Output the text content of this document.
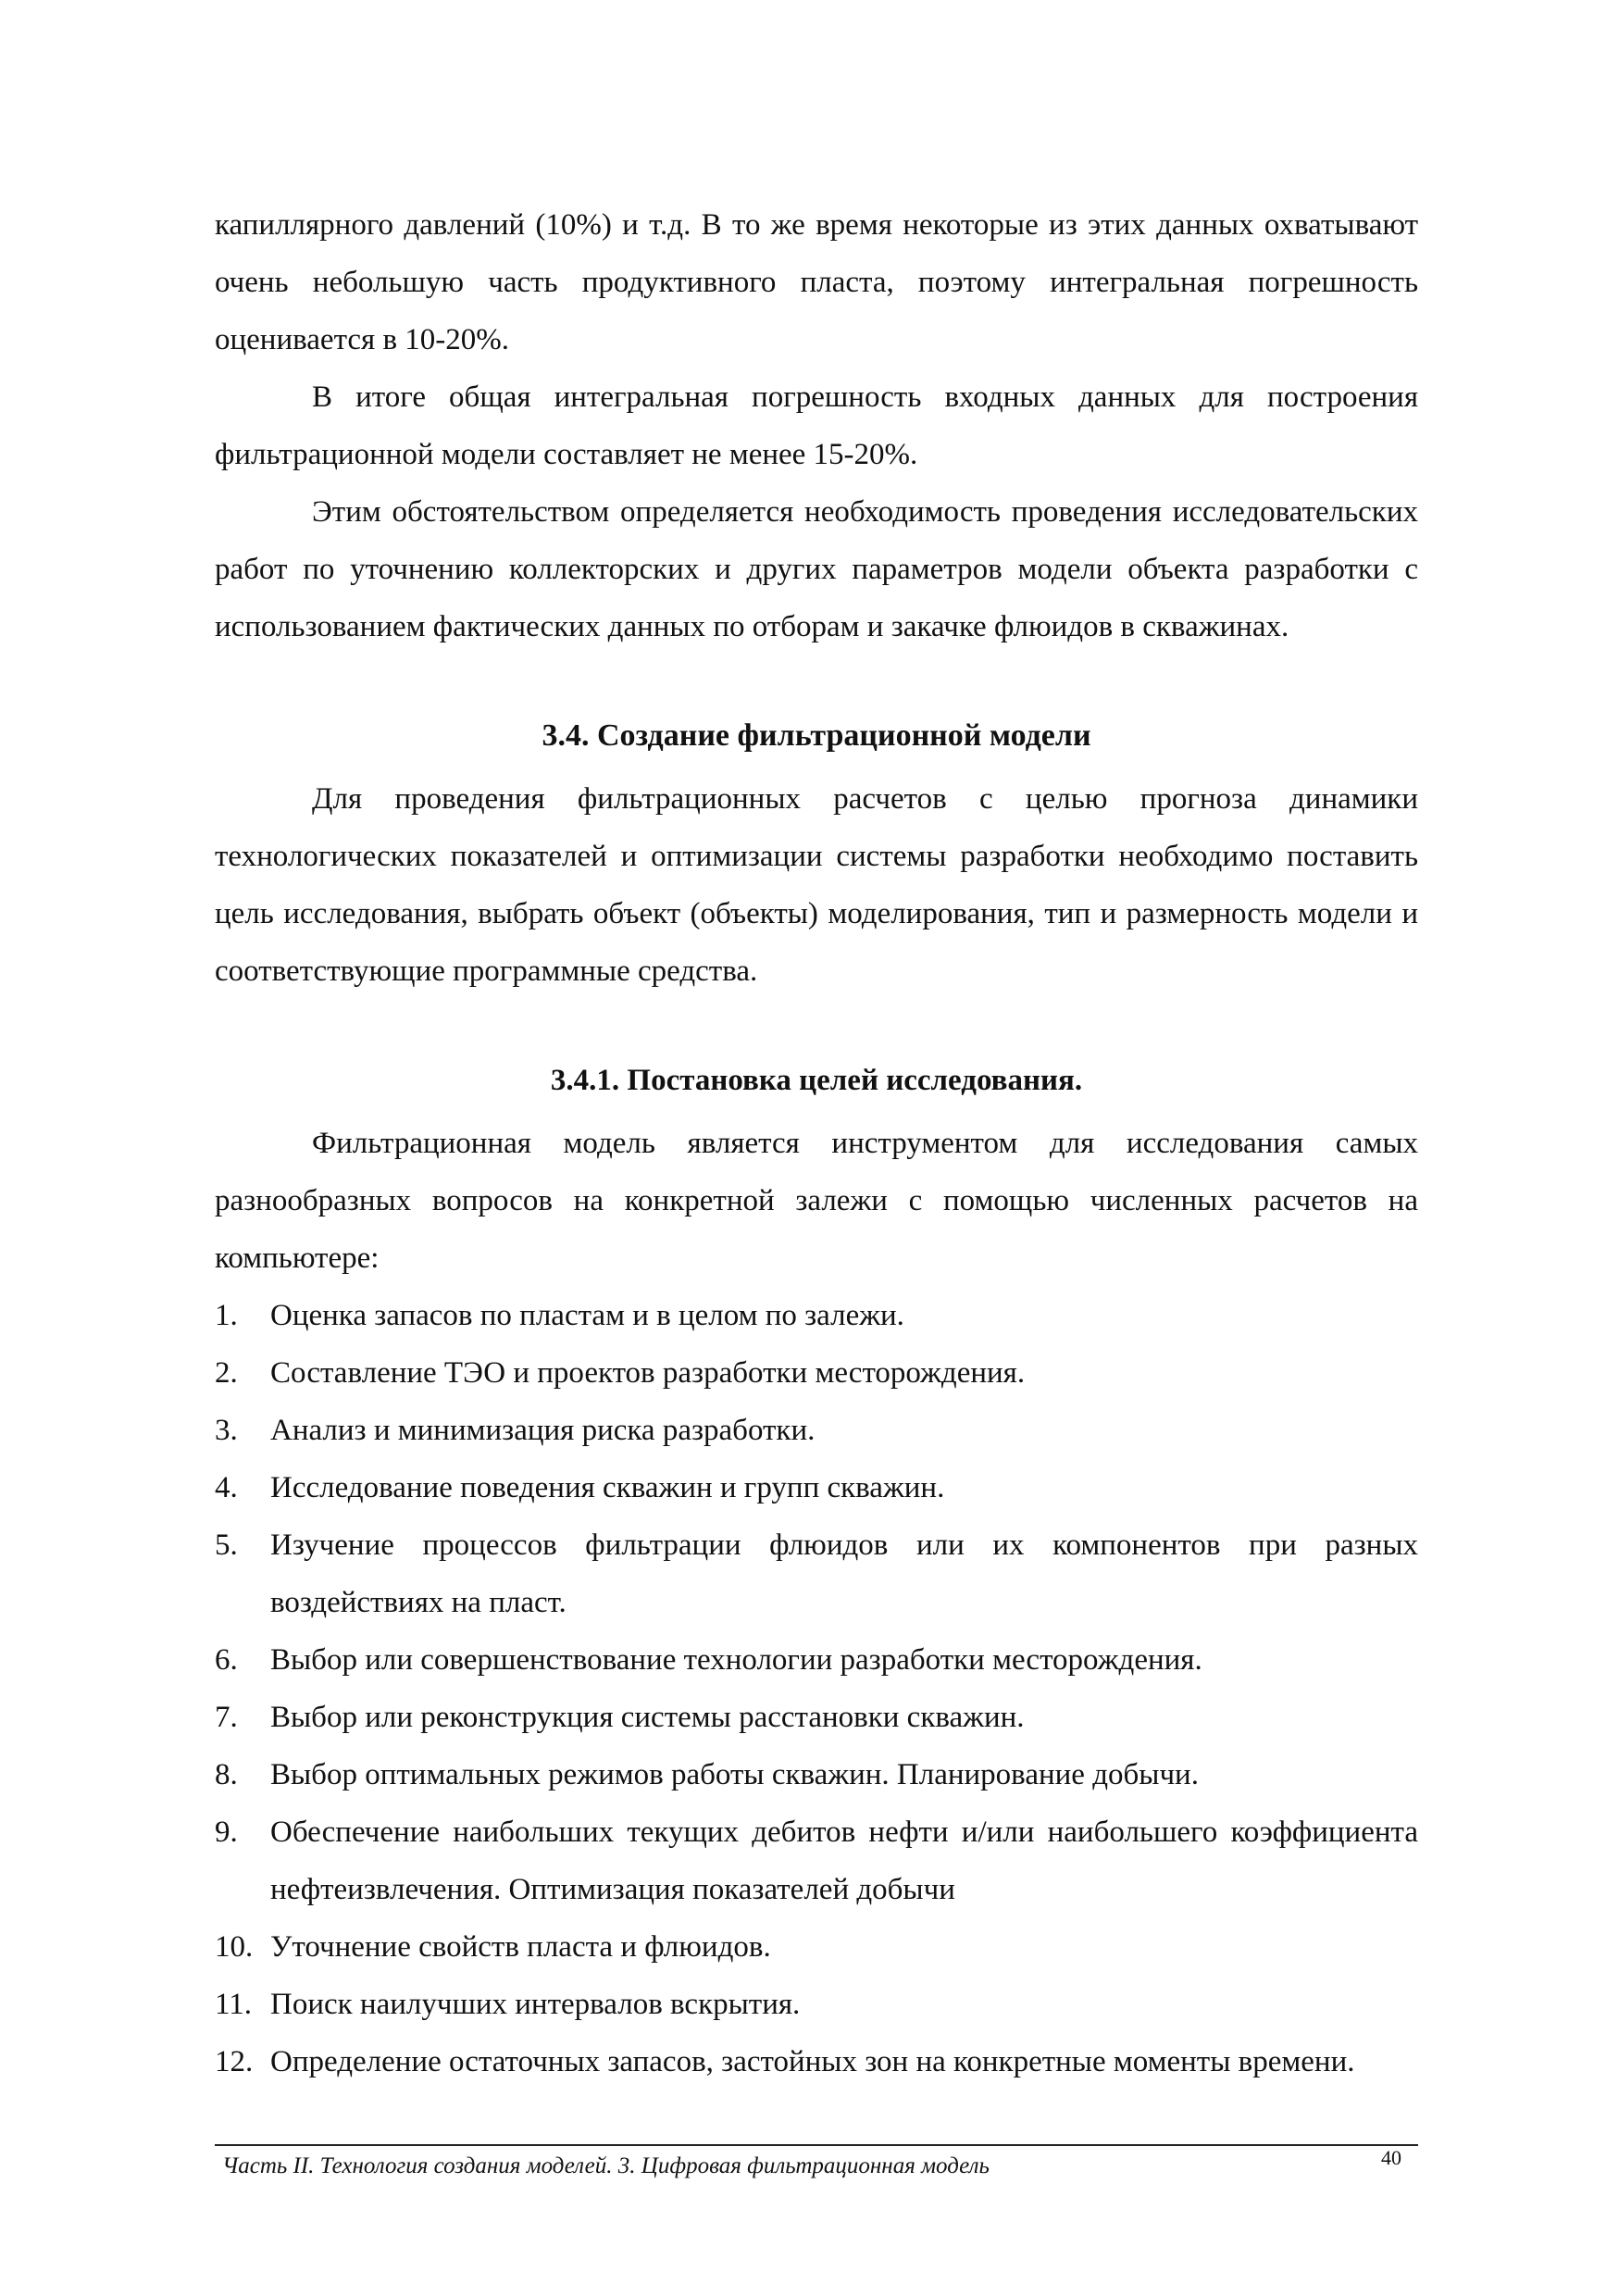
капиллярного давлений (10%) и т.д. В то же время некоторые из этих данных охватывают очень небольшую часть продуктивного пласта, поэтому интегральная погрешность оценивается в 10-20%.

В итоге общая интегральная погрешность входных данных для построения фильтрационной модели составляет не менее 15-20%.

Этим обстоятельством определяется необходимость проведения исследовательских работ по уточнению коллекторских и других параметров модели объекта разработки с использованием фактических данных по отборам и закачке флюидов в скважинах.

3.4. Создание фильтрационной модели

Для проведения фильтрационных расчетов с целью прогноза динамики технологических показателей и оптимизации системы разработки необходимо поставить цель исследования, выбрать объект (объекты) моделирования, тип и размерность модели и соответствующие программные средства.

3.4.1. Постановка целей исследования.

Фильтрационная модель является инструментом для исследования самых разнообразных вопросов на конкретной залежи с помощью численных расчетов на компьютере:

1.	Оценка запасов по пластам и в целом по залежи.
2.	Составление ТЭО и проектов разработки месторождения.
3.	Анализ и минимизация риска разработки.
4.	Исследование поведения скважин и групп скважин.
5.	Изучение процессов фильтрации флюидов или их компонентов при разных воздействиях на пласт.
6.	Выбор или совершенствование технологии разработки месторождения.
7.	Выбор или реконструкция системы расстановки скважин.
8.	Выбор оптимальных режимов работы скважин. Планирование добычи.
9.	Обеспечение наибольших текущих дебитов нефти и/или наибольшего коэффициента нефтеизвлечения. Оптимизация показателей добычи
10. Уточнение свойств пласта и флюидов.
11. Поиск наилучших интервалов вскрытия.
12. Определение остаточных запасов, застойных зон на конкретные моменты времени.
Часть II. Технология создания моделей. 3. Цифровая фильтрационная модель	40
